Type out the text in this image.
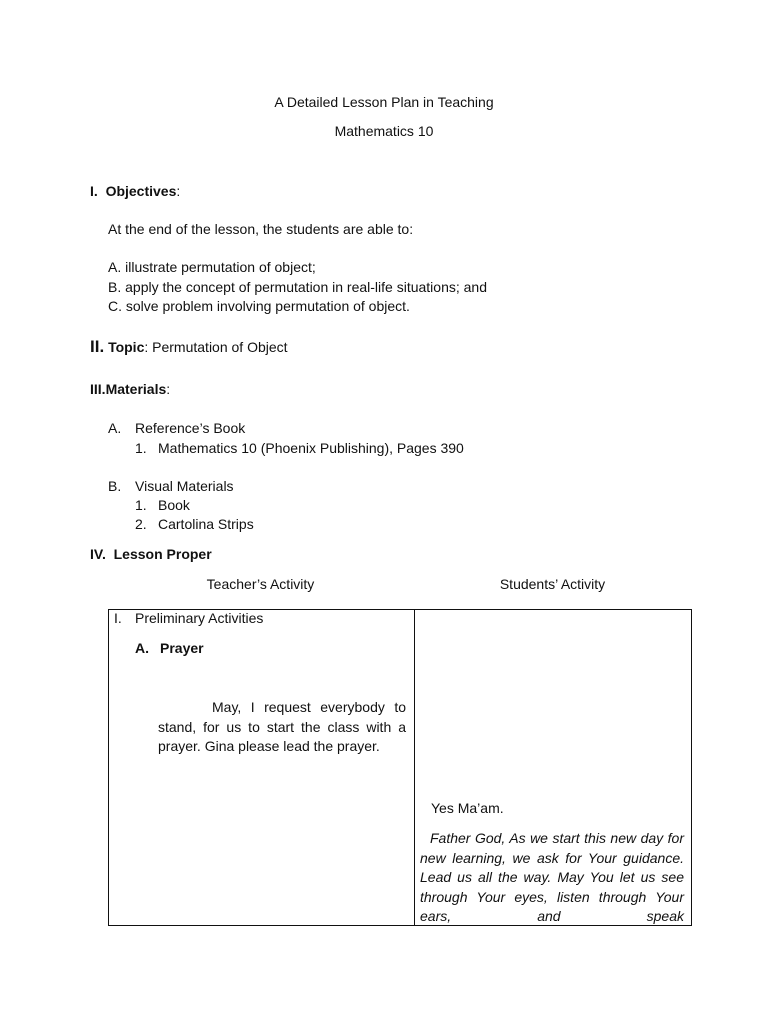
A Detailed Lesson Plan in Teaching
Mathematics 10
I. Objectives:
At the end of the lesson, the students are able to:
A. illustrate permutation of object;
B. apply the concept of permutation in real-life situations; and
C. solve problem involving permutation of object.
II. Topic: Permutation of Object
III.Materials:
A. Reference’s Book
1. Mathematics 10 (Phoenix Publishing), Pages 390
B. Visual Materials
1. Book
2. Cartolina Strips
IV. Lesson Proper
Teacher’s Activity	Students’ Activity
I. Preliminary Activities
A. Prayer
May, I request everybody to stand, for us to start the class with a prayer. Gina please lead the prayer.
Yes Ma’am.
Father God, As we start this new day for new learning, we ask for Your guidance. Lead us all the way. May You let us see through Your eyes, listen through Your ears, and speak
